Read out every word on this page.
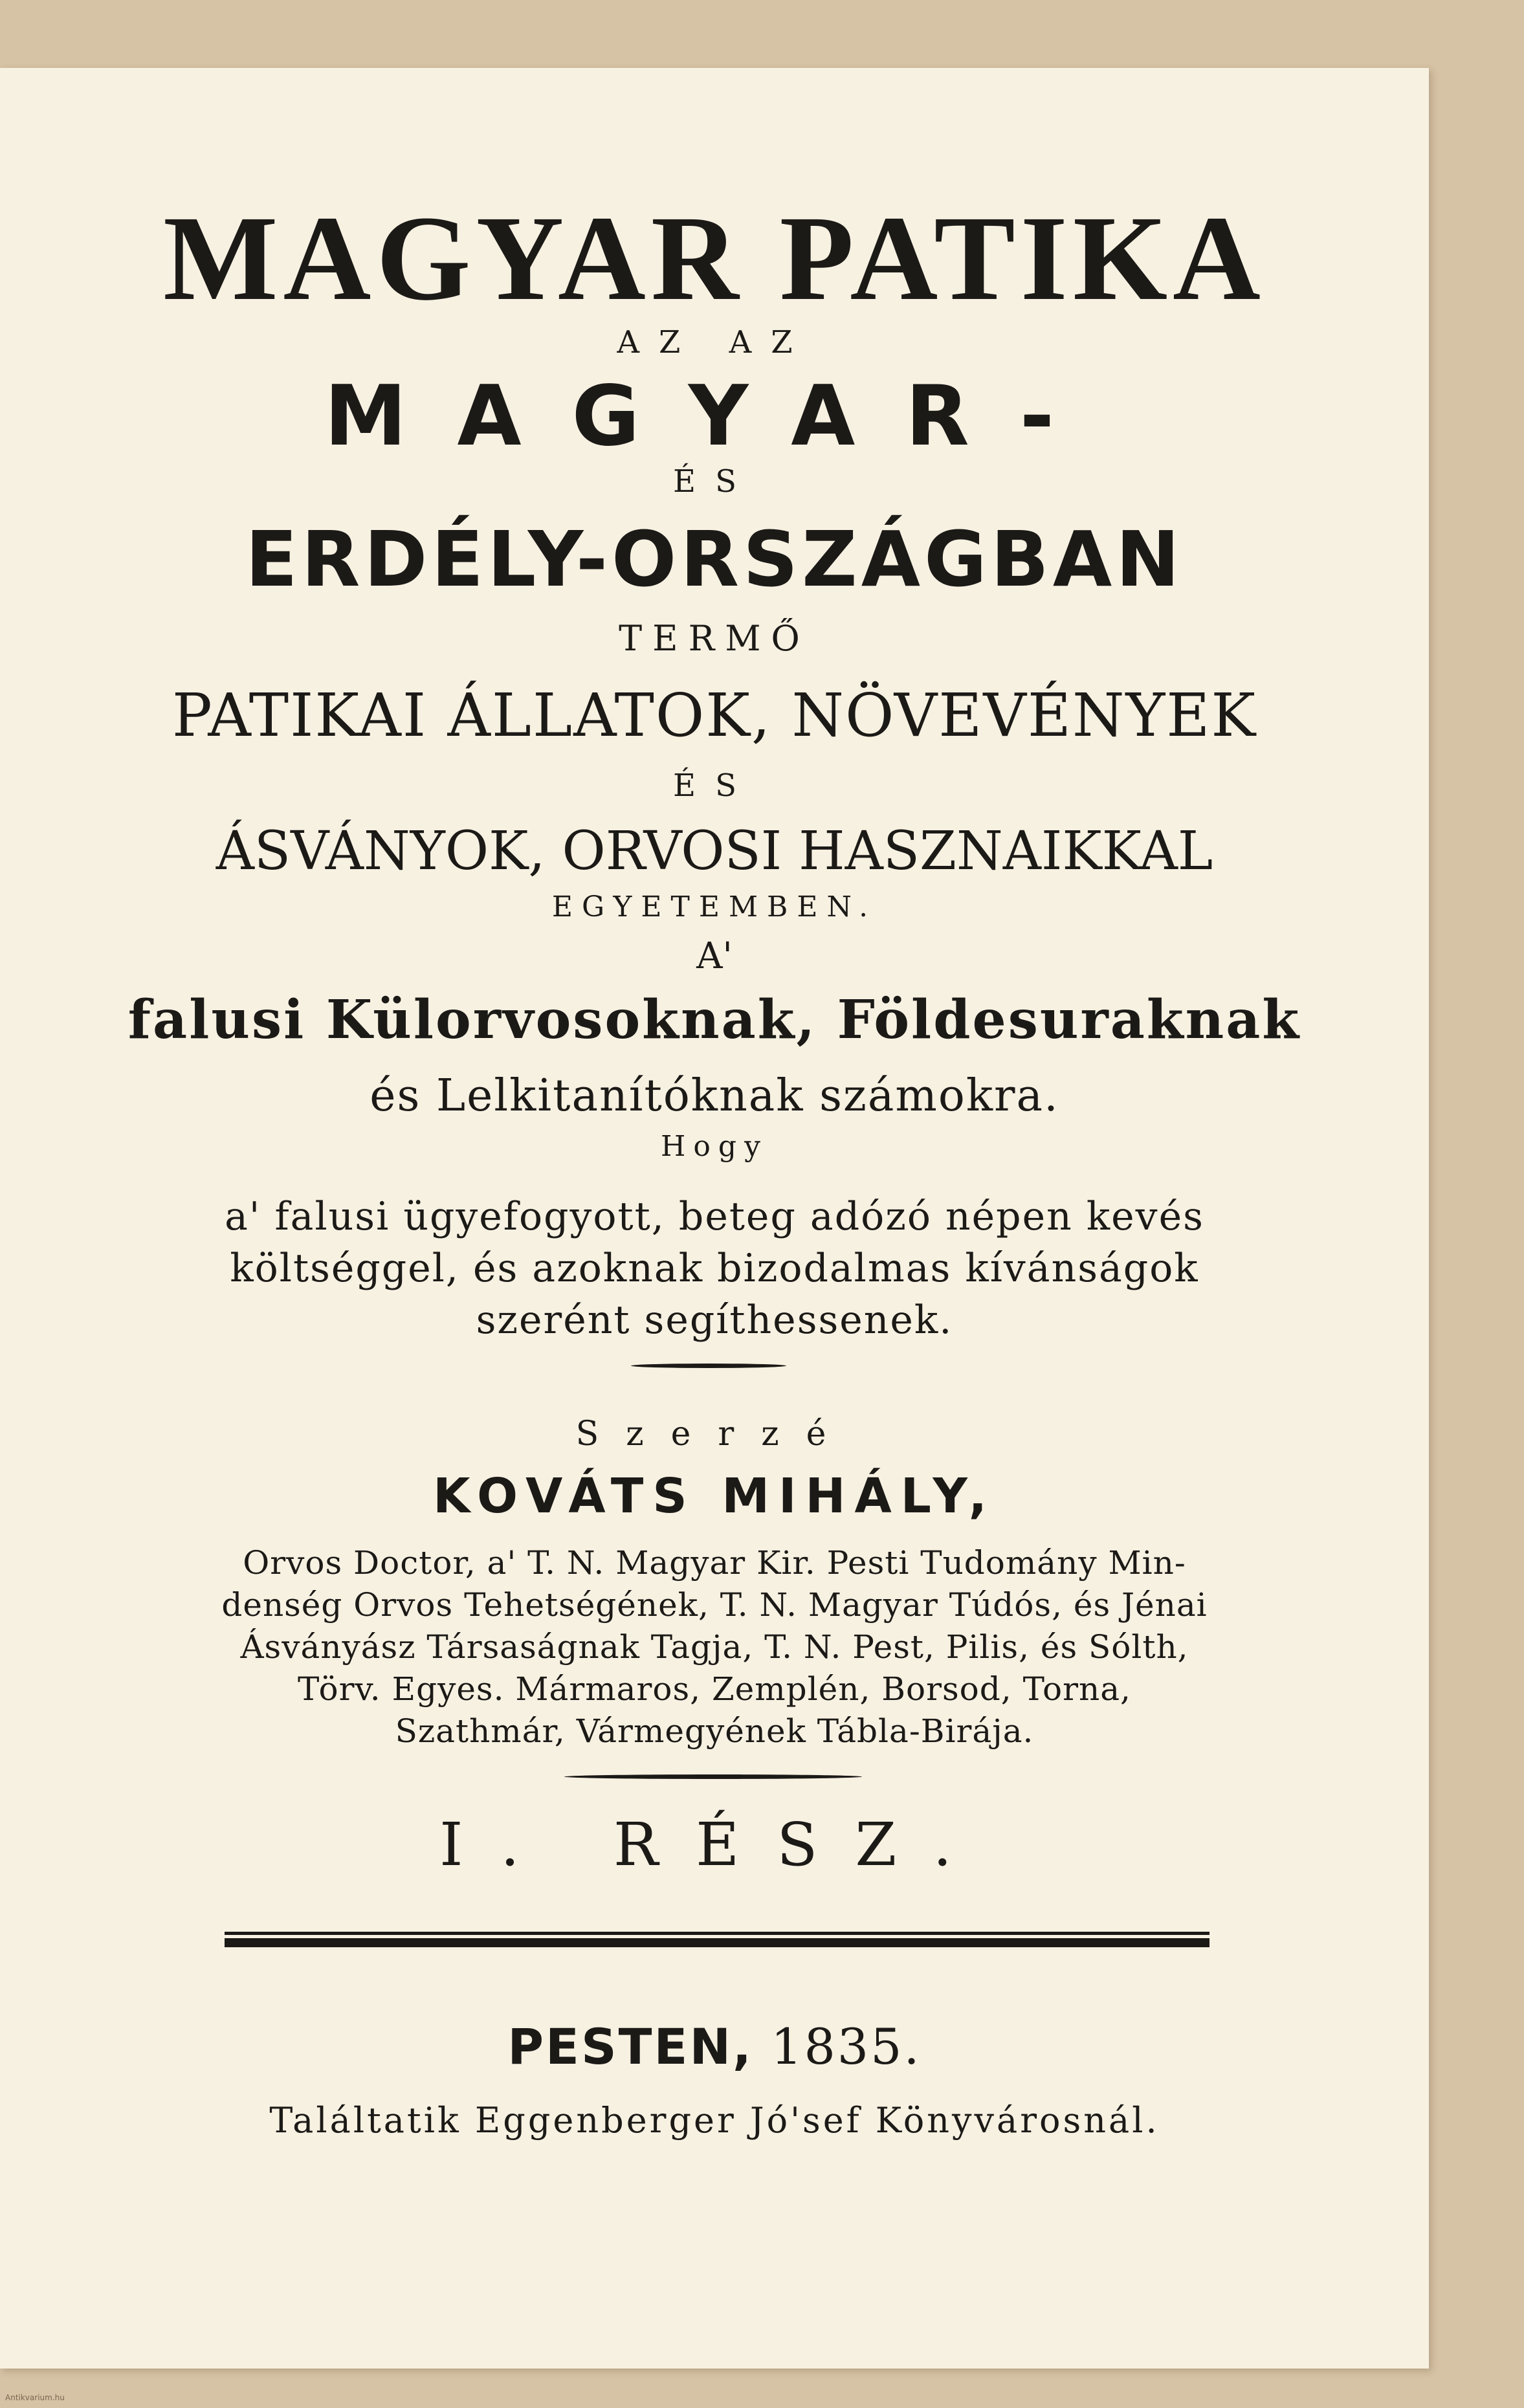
MAGYAR PATIKA
AZ AZ
MAGYAR-
ÉS
ERDÉLY-ORSZÁGBAN
TERMŐ
PATIKAI ÁLLATOK, NÖVEVÉNYEK
ÉS
ÁSVÁNYOK, ORVOSI HASZNAIKKAL
EGYETEMBEN.
A'
falusi Külorvosoknak, Földesuraknak
és Lelkitanítóknak számokra.
Hogy
a' falusi ügyefogyott, beteg adózó népen kevés
költséggel, és azoknak bizodalmas kívánságok
szerént segíthessenek.
Szerzé
KOVÁTS MIHÁLY,
Orvos Doctor, a' T. N. Magyar Kir. Pesti Tudomány Min-
denség Orvos Tehetségének, T. N. Magyar Túdós, és Jénai
Ásványász Társaságnak Tagja, T. N. Pest, Pilis, és Sólth,
Törv. Egyes. Mármaros, Zemplén, Borsod, Torna,
Szathmár, Vármegyének Tábla-Birája.
I. RÉSZ.
PESTEN, 1835.
Találtatik Eggenberger Jó'sef Könyvárosnál.
Antikvarium.hu
